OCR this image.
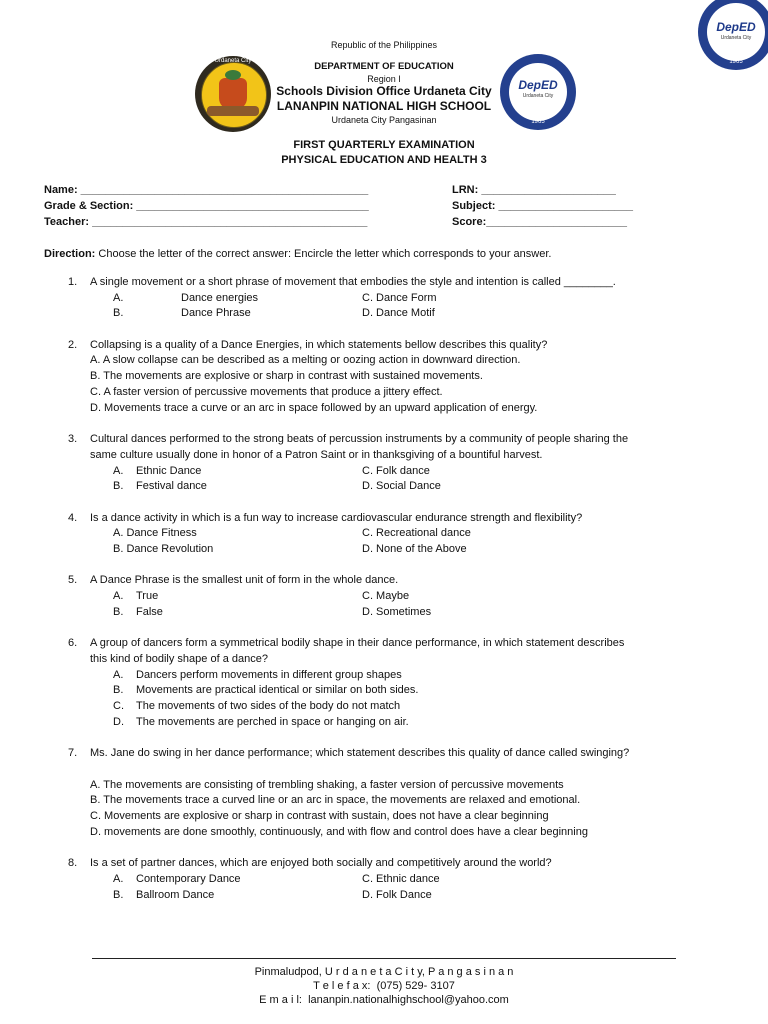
Urdaneta City
DepED
Urdaneta City
1965
DepED
Urdaneta City
1965
Republic of the Philippines
DEPARTMENT OF EDUCATION
Region I
Schools Division Office Urdaneta City
LANANPIN NATIONAL HIGH SCHOOL
Urdaneta City Pangasinan
FIRST QUARTERLY EXAMINATION
PHYSICAL EDUCATION AND HEALTH 3
Name: _______________________________________________
Grade & Section: ______________________________________
Teacher: _____________________________________________
LRN: ______________________
Subject: ______________________
Score:_______________________
Direction: Choose the letter of the correct answer: Encircle the letter which corresponds to your answer.
1. A single movement or a short phrase of movement that embodies the style and intention is called ________.
A.	Dance energies	C. Dance Form
B.	Dance Phrase	D. Dance Motif
2. Collapsing is a quality of a Dance Energies, in which statements bellow describes this quality?
A. A slow collapse can be described as a melting or oozing action in downward direction.
B. The movements are explosive or sharp in contrast with sustained movements.
C. A faster version of percussive movements that produce a jittery effect.
D. Movements trace a curve or an arc in space followed by an upward application of energy.
3. Cultural dances performed to the strong beats of percussion instruments by a community of people sharing the
same culture usually done in honor of a Patron Saint or in thanksgiving of a bountiful harvest.
A. Ethnic Dance	C. Folk dance
B. Festival dance	D. Social Dance
4. Is a dance activity in which is a fun way to increase cardiovascular endurance strength and flexibility?
A. Dance Fitness	C. Recreational dance
B. Dance Revolution	D. None of the Above
5. A Dance Phrase is the smallest unit of form in the whole dance.
A. True	C. Maybe
B. False	D. Sometimes
6. A group of dancers form a symmetrical bodily shape in their dance performance, in which statement describes
this kind of bodily shape of a dance?
A. Dancers perform movements in different group shapes
B. Movements are practical identical or similar on both sides.
C. The movements of two sides of the body do not match
D. The movements are perched in space or hanging on air.
7. Ms. Jane do swing in her dance performance; which statement describes this quality of dance called swinging?
A. The movements are consisting of trembling shaking, a faster version of percussive movements
B. The movements trace a curved line or an arc in space, the movements are relaxed and emotional.
C. Movements are explosive or sharp in contrast with sustain, does not have a clear beginning
D. movements are done smoothly, continuously, and with flow and control does have a clear beginning
8. Is a set of partner dances, which are enjoyed both socially and competitively around the world?
A. Contemporary Dance	C. Ethnic dance
B. Ballroom Dance	D. Folk Dance
Pinmaludpod, U r d a n e t a C i t y, P a n g a s i n a n
T e l e f a x: (075) 529- 3107
E m a i l: lananpin.nationalhighschool@yahoo.com
